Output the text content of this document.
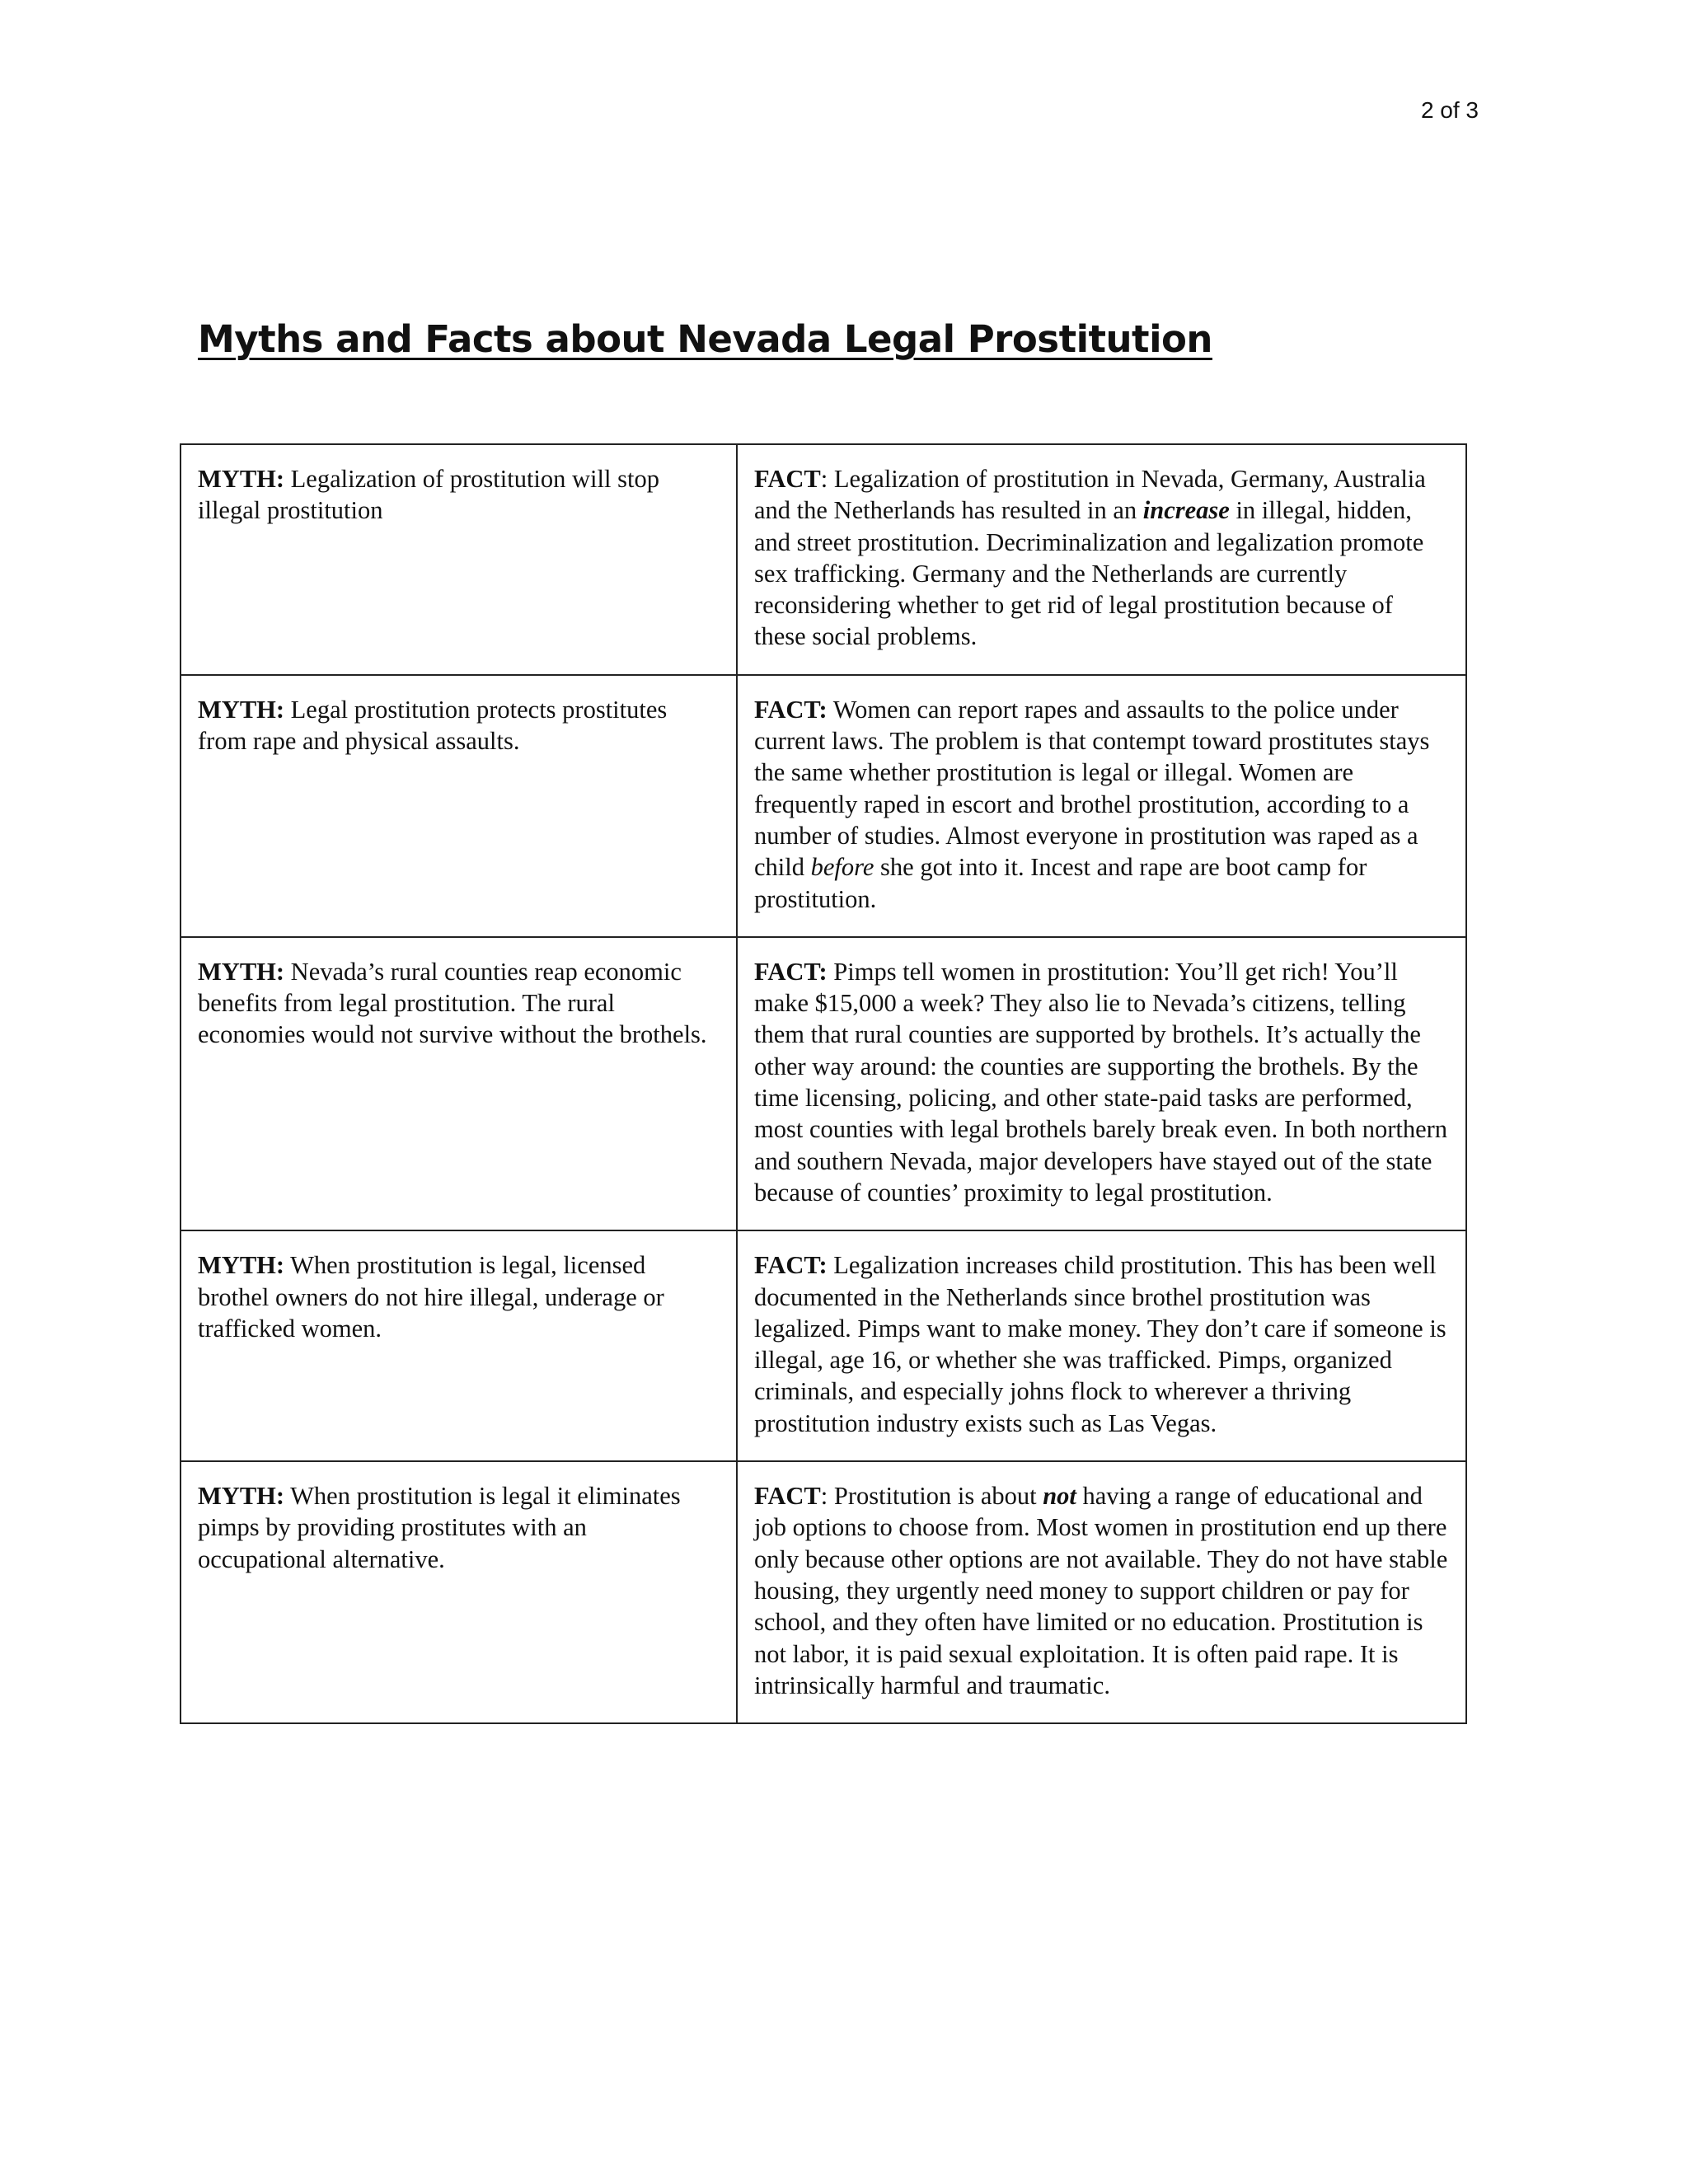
2 of 3
Myths and Facts about Nevada Legal Prostitution

MYTH: Legalization of prostitution will stop illegal prostitution	FACT: Legalization of prostitution in Nevada, Germany, Australia and the Netherlands has resulted in an increase in illegal, hidden, and street prostitution. Decriminalization and legalization promote sex trafficking. Germany and the Netherlands are currently reconsidering whether to get rid of legal prostitution because of these social problems.

MYTH: Legal prostitution protects prostitutes from rape and physical assaults.	FACT: Women can report rapes and assaults to the police under current laws. The problem is that contempt toward prostitutes stays the same whether prostitution is legal or illegal. Women are frequently raped in escort and brothel prostitution, according to a number of studies. Almost everyone in prostitution was raped as a child before she got into it. Incest and rape are boot camp for prostitution.

MYTH: Nevada’s rural counties reap economic benefits from legal prostitution. The rural economies would not survive without the brothels.	FACT: Pimps tell women in prostitution: You’ll get rich! You’ll make $15,000 a week? They also lie to Nevada’s citizens, telling them that rural counties are supported by brothels. It’s actually the other way around: the counties are supporting the brothels. By the time licensing, policing, and other state-paid tasks are performed, most counties with legal brothels barely break even. In both northern and southern Nevada, major developers have stayed out of the state because of counties’ proximity to legal prostitution.

MYTH: When prostitution is legal, licensed brothel owners do not hire illegal, underage or trafficked women.	FACT: Legalization increases child prostitution. This has been well documented in the Netherlands since brothel prostitution was legalized. Pimps want to make money. They don’t care if someone is illegal, age 16, or whether she was trafficked. Pimps, organized criminals, and especially johns flock to wherever a thriving prostitution industry exists such as Las Vegas.

MYTH: When prostitution is legal it eliminates pimps by providing prostitutes with an occupational alternative.	FACT: Prostitution is about not having a range of educational and job options to choose from. Most women in prostitution end up there only because other options are not available. They do not have stable housing, they urgently need money to support children or pay for school, and they often have limited or no education. Prostitution is not labor, it is paid sexual exploitation. It is often paid rape. It is intrinsically harmful and traumatic.
